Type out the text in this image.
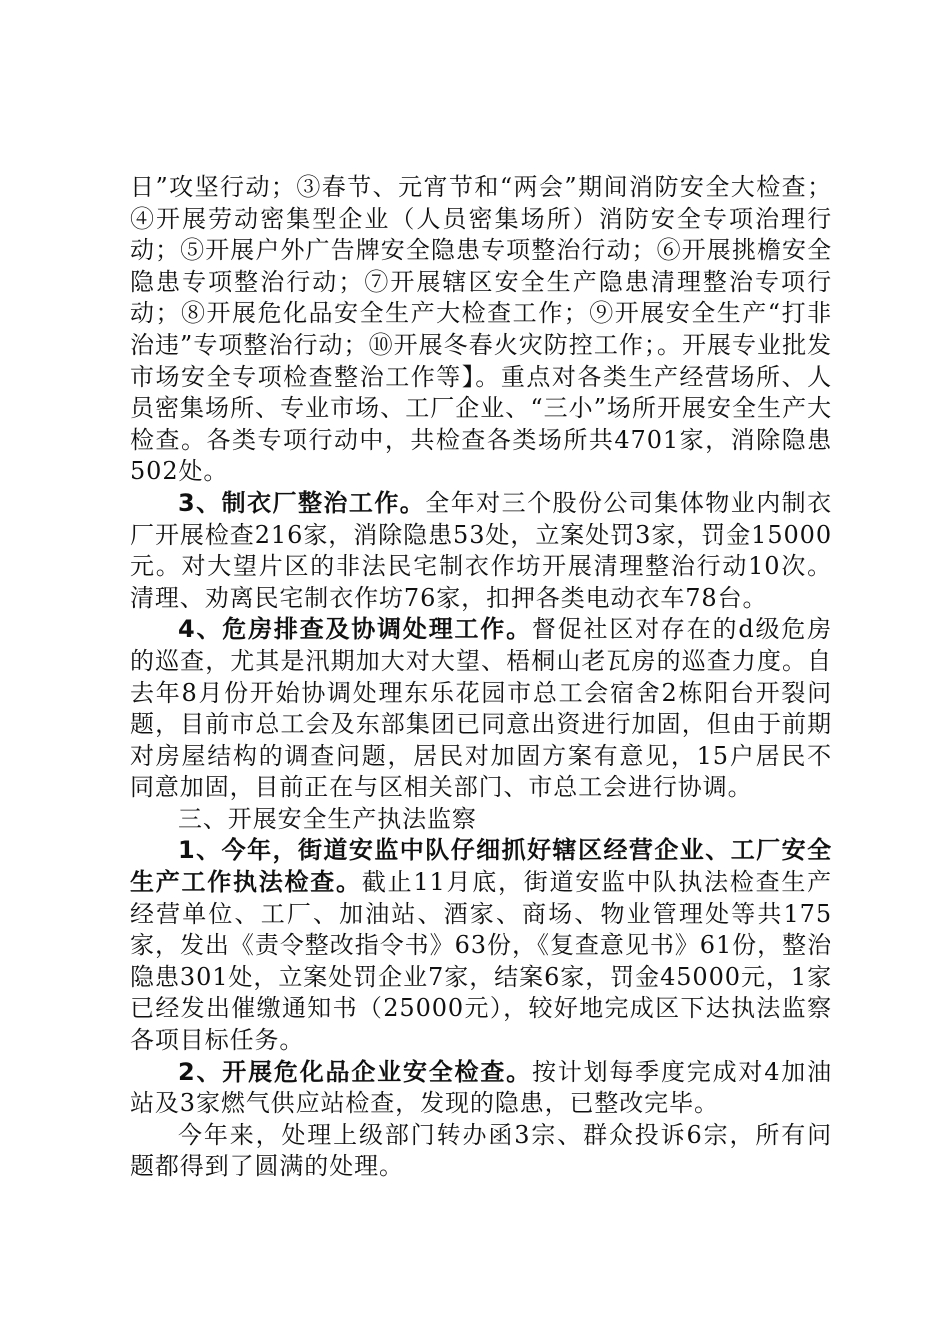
日”攻坚行动；③春节、元宵节和“两会”期间消防安全大检查；④开展劳动密集型企业（人员密集场所）消防安全专项治理行动；⑤开展户外广告牌安全隐患专项整治行动；⑥开展挑檐安全隐患专项整治行动；⑦开展辖区安全生产隐患清理整治专项行动；⑧开展危化品安全生产大检查工作；⑨开展安全生产“打非治违”专项整治行动；⑩开展冬春火灾防控工作；。开展专业批发市场安全专项检查整治工作等】。重点对各类生产经营场所、人员密集场所、专业市场、工厂企业、“三小”场所开展安全生产大检查。各类专项行动中，共检查各类场所共4701家，消除隐患502处。

3、制衣厂整治工作。全年对三个股份公司集体物业内制衣厂开展检查216家，消除隐患53处，立案处罚3家，罚金15000元。对大望片区的非法民宅制衣作坊开展清理整治行动10次。清理、劝离民宅制衣作坊76家，扣押各类电动衣车78台。

4、危房排查及协调处理工作。督促社区对存在的d级危房的巡查，尤其是汛期加大对大望、梧桐山老瓦房的巡查力度。自去年8月份开始协调处理东乐花园市总工会宿舍2栋阳台开裂问题，目前市总工会及东部集团已同意出资进行加固，但由于前期对房屋结构的调查问题，居民对加固方案有意见，15户居民不同意加固，目前正在与区相关部门、市总工会进行协调。

三、开展安全生产执法监察

1、今年，街道安监中队仔细抓好辖区经营企业、工厂安全生产工作执法检查。截止11月底，街道安监中队执法检查生产经营单位、工厂、加油站、酒家、商场、物业管理处等共175家，发出《责令整改指令书》63份，《复查意见书》61份，整治隐患301处，立案处罚企业7家，结案6家，罚金45000元，1家已经发出催缴通知书（25000元），较好地完成区下达执法监察各项目标任务。

2、开展危化品企业安全检查。按计划每季度完成对4加油站及3家燃气供应站检查，发现的隐患，已整改完毕。

今年来，处理上级部门转办函3宗、群众投诉6宗，所有问题都得到了圆满的处理。
